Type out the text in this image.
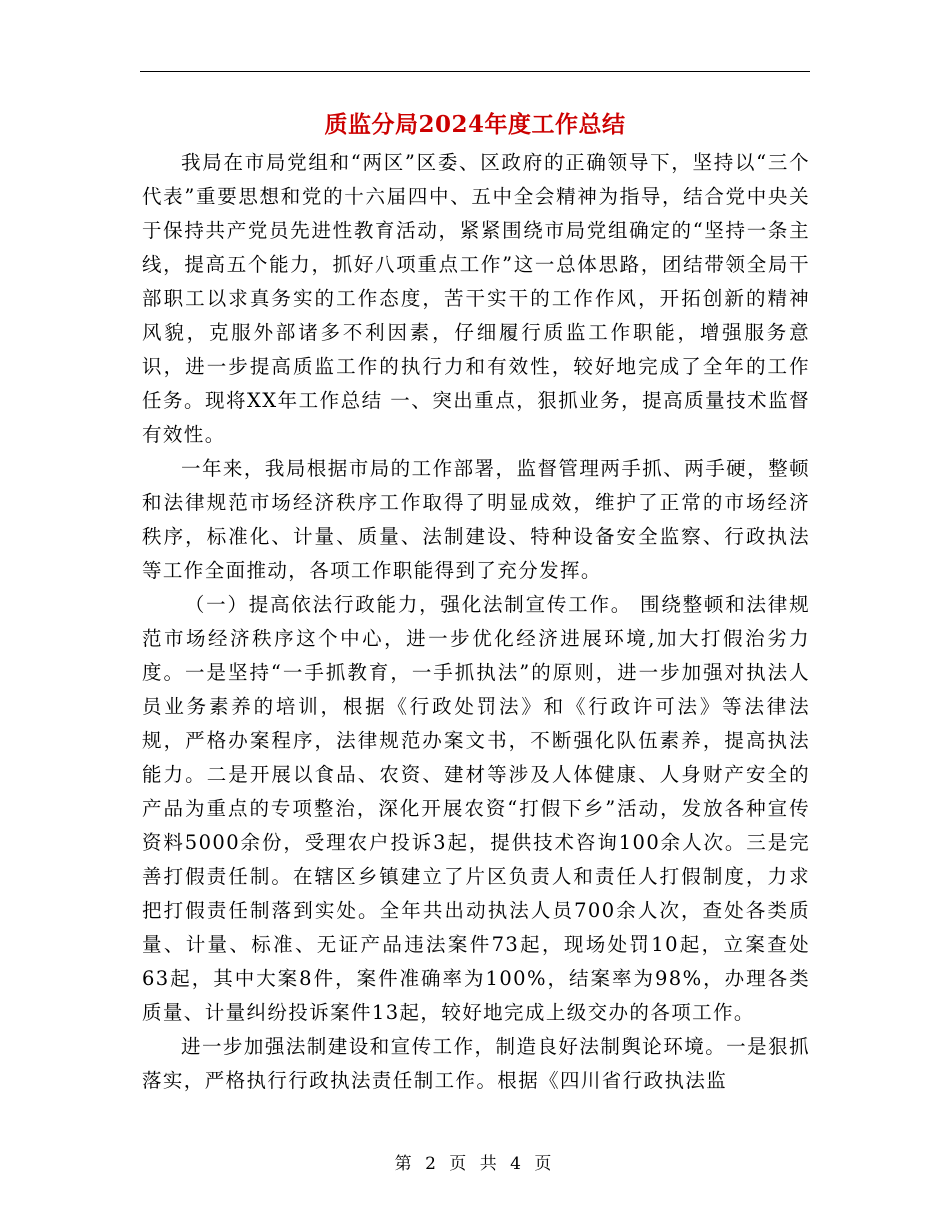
质监分局2024年度工作总结

我局在市局党组和“两区”区委、区政府的正确领导下，坚持以“三个代表”重要思想和党的十六届四中、五中全会精神为指导，结合党中央关于保持共产党员先进性教育活动，紧紧围绕市局党组确定的“坚持一条主线，提高五个能力，抓好八项重点工作”这一总体思路，团结带领全局干部职工以求真务实的工作态度，苦干实干的工作作风，开拓创新的精神风貌，克服外部诸多不利因素，仔细履行质监工作职能，增强服务意识，进一步提高质监工作的执行力和有效性，较好地完成了全年的工作任务。现将XX年工作总结 一、突出重点，狠抓业务，提高质量技术监督有效性。

一年来，我局根据市局的工作部署，监督管理两手抓、两手硬，整顿和法律规范市场经济秩序工作取得了明显成效，维护了正常的市场经济秩序，标准化、计量、质量、法制建设、特种设备安全监察、行政执法等工作全面推动，各项工作职能得到了充分发挥。

（一）提高依法行政能力，强化法制宣传工作。 围绕整顿和法律规范市场经济秩序这个中心，进一步优化经济进展环境,加大打假治劣力度。一是坚持“一手抓教育，一手抓执法”的原则，进一步加强对执法人员业务素养的培训，根据《行政处罚法》和《行政许可法》等法律法规，严格办案程序，法律规范办案文书，不断强化队伍素养，提高执法能力。二是开展以食品、农资、建材等涉及人体健康、人身财产安全的产品为重点的专项整治，深化开展农资“打假下乡”活动，发放各种宣传资料5000余份，受理农户投诉3起，提供技术咨询100余人次。三是完善打假责任制。在辖区乡镇建立了片区负责人和责任人打假制度，力求把打假责任制落到实处。全年共出动执法人员700余人次，查处各类质量、计量、标准、无证产品违法案件73起，现场处罚10起，立案查处63起，其中大案8件，案件准确率为100%，结案率为98%，办理各类质量、计量纠纷投诉案件13起，较好地完成上级交办的各项工作。

进一步加强法制建设和宣传工作，制造良好法制舆论环境。一是狠抓落实，严格执行行政执法责任制工作。根据《四川省行政执法监

第 2 页 共 4 页
